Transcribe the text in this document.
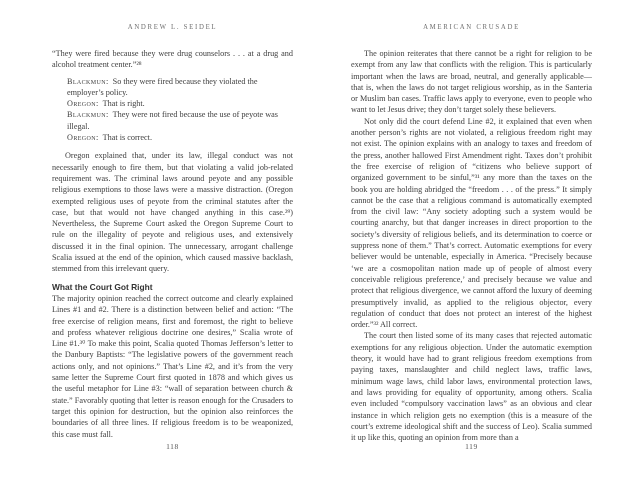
ANDREW L. SEIDEL

“They were fired because they were drug counselors . . . at a drug and alcohol treatment center.”²⁸

Blackmun: So they were fired because they violated the employer’s policy.

Oregon: That is right.

Blackmun: They were not fired because the use of peyote was illegal.

Oregon: That is correct.

Oregon explained that, under its law, illegal conduct was not necessarily enough to fire them, but that violating a valid job-related requirement was. The criminal laws around peyote and any possible religious exemptions to those laws were a massive distraction. (Oregon exempted religious uses of peyote from the criminal statutes after the case, but that would not have changed anything in this case.²⁹) Nevertheless, the Supreme Court asked the Oregon Supreme Court to rule on the illegality of peyote and religious uses, and extensively discussed it in the final opinion. The unnecessary, arrogant challenge Scalia issued at the end of the opinion, which caused massive backlash, stemmed from this irrelevant query.

What the Court Got Right

The majority opinion reached the correct outcome and clearly explained Lines #1 and #2. There is a distinction between belief and action: “The free exercise of religion means, first and foremost, the right to believe and profess whatever religious doctrine one desires,” Scalia wrote of Line #1.³⁰ To make this point, Scalia quoted Thomas Jefferson’s letter to the Danbury Baptists: “The legislative powers of the government reach actions only, and not opinions.” That’s Line #2, and it’s from the very same letter the Supreme Court first quoted in 1878 and which gives us the useful metaphor for Line #3: “wall of separation between church & state.” Favorably quoting that letter is reason enough for the Crusaders to target this opinion for destruction, but the opinion also reinforces the boundaries of all three lines. If religious freedom is to be weaponized, this case must fall.

118
AMERICAN CRUSADE

The opinion reiterates that there cannot be a right for religion to be exempt from any law that conflicts with the religion. This is particularly important when the laws are broad, neutral, and generally applicable—that is, when the laws do not target religious worship, as in the Santeria or Muslim ban cases. Traffic laws apply to everyone, even to people who want to let Jesus drive; they don’t target solely these believers.

Not only did the court defend Line #2, it explained that even when another person’s rights are not violated, a religious freedom right may not exist. The opinion explains with an analogy to taxes and freedom of the press, another hallowed First Amendment right. Taxes don’t prohibit the free exercise of religion of “citizens who believe support of organized government to be sinful,”³¹ any more than the taxes on the book you are holding abridged the “freedom . . . of the press.” It simply cannot be the case that a religious command is automatically exempted from the civil law: “Any society adopting such a system would be courting anarchy, but that danger increases in direct proportion to the society’s diversity of religious beliefs, and its determination to coerce or suppress none of them.” That’s correct. Automatic exemptions for every believer would be untenable, especially in America. “Precisely because ‘we are a cosmopolitan nation made up of people of almost every conceivable religious preference,’ and precisely because we value and protect that religious divergence, we cannot afford the luxury of deeming presumptively invalid, as applied to the religious objector, every regulation of conduct that does not protect an interest of the highest order.”³² All correct.

The court then listed some of its many cases that rejected automatic exemptions for any religious objection. Under the automatic exemption theory, it would have had to grant religious freedom exemptions from paying taxes, manslaughter and child neglect laws, traffic laws, minimum wage laws, child labor laws, environmental protection laws, and laws providing for equality of opportunity, among others. Scalia even included “compulsory vaccination laws” as an obvious and clear instance in which religion gets no exemption (this is a measure of the court’s extreme ideological shift and the success of Leo). Scalia summed it up like this, quoting an opinion from more than a

119
